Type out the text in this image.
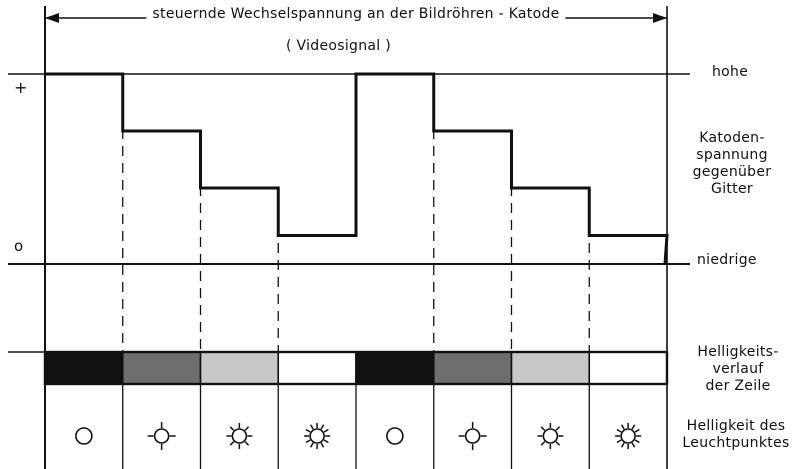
steuernde Wechselspannung an der Bildröhren - Katode
( Videosignal )
+
o
hohe
Katoden-
spannung
gegenüber
Gitter
niedrige
Helligkeits-
verlauf
der Zeile
Helligkeit des
Leuchtpunktes
